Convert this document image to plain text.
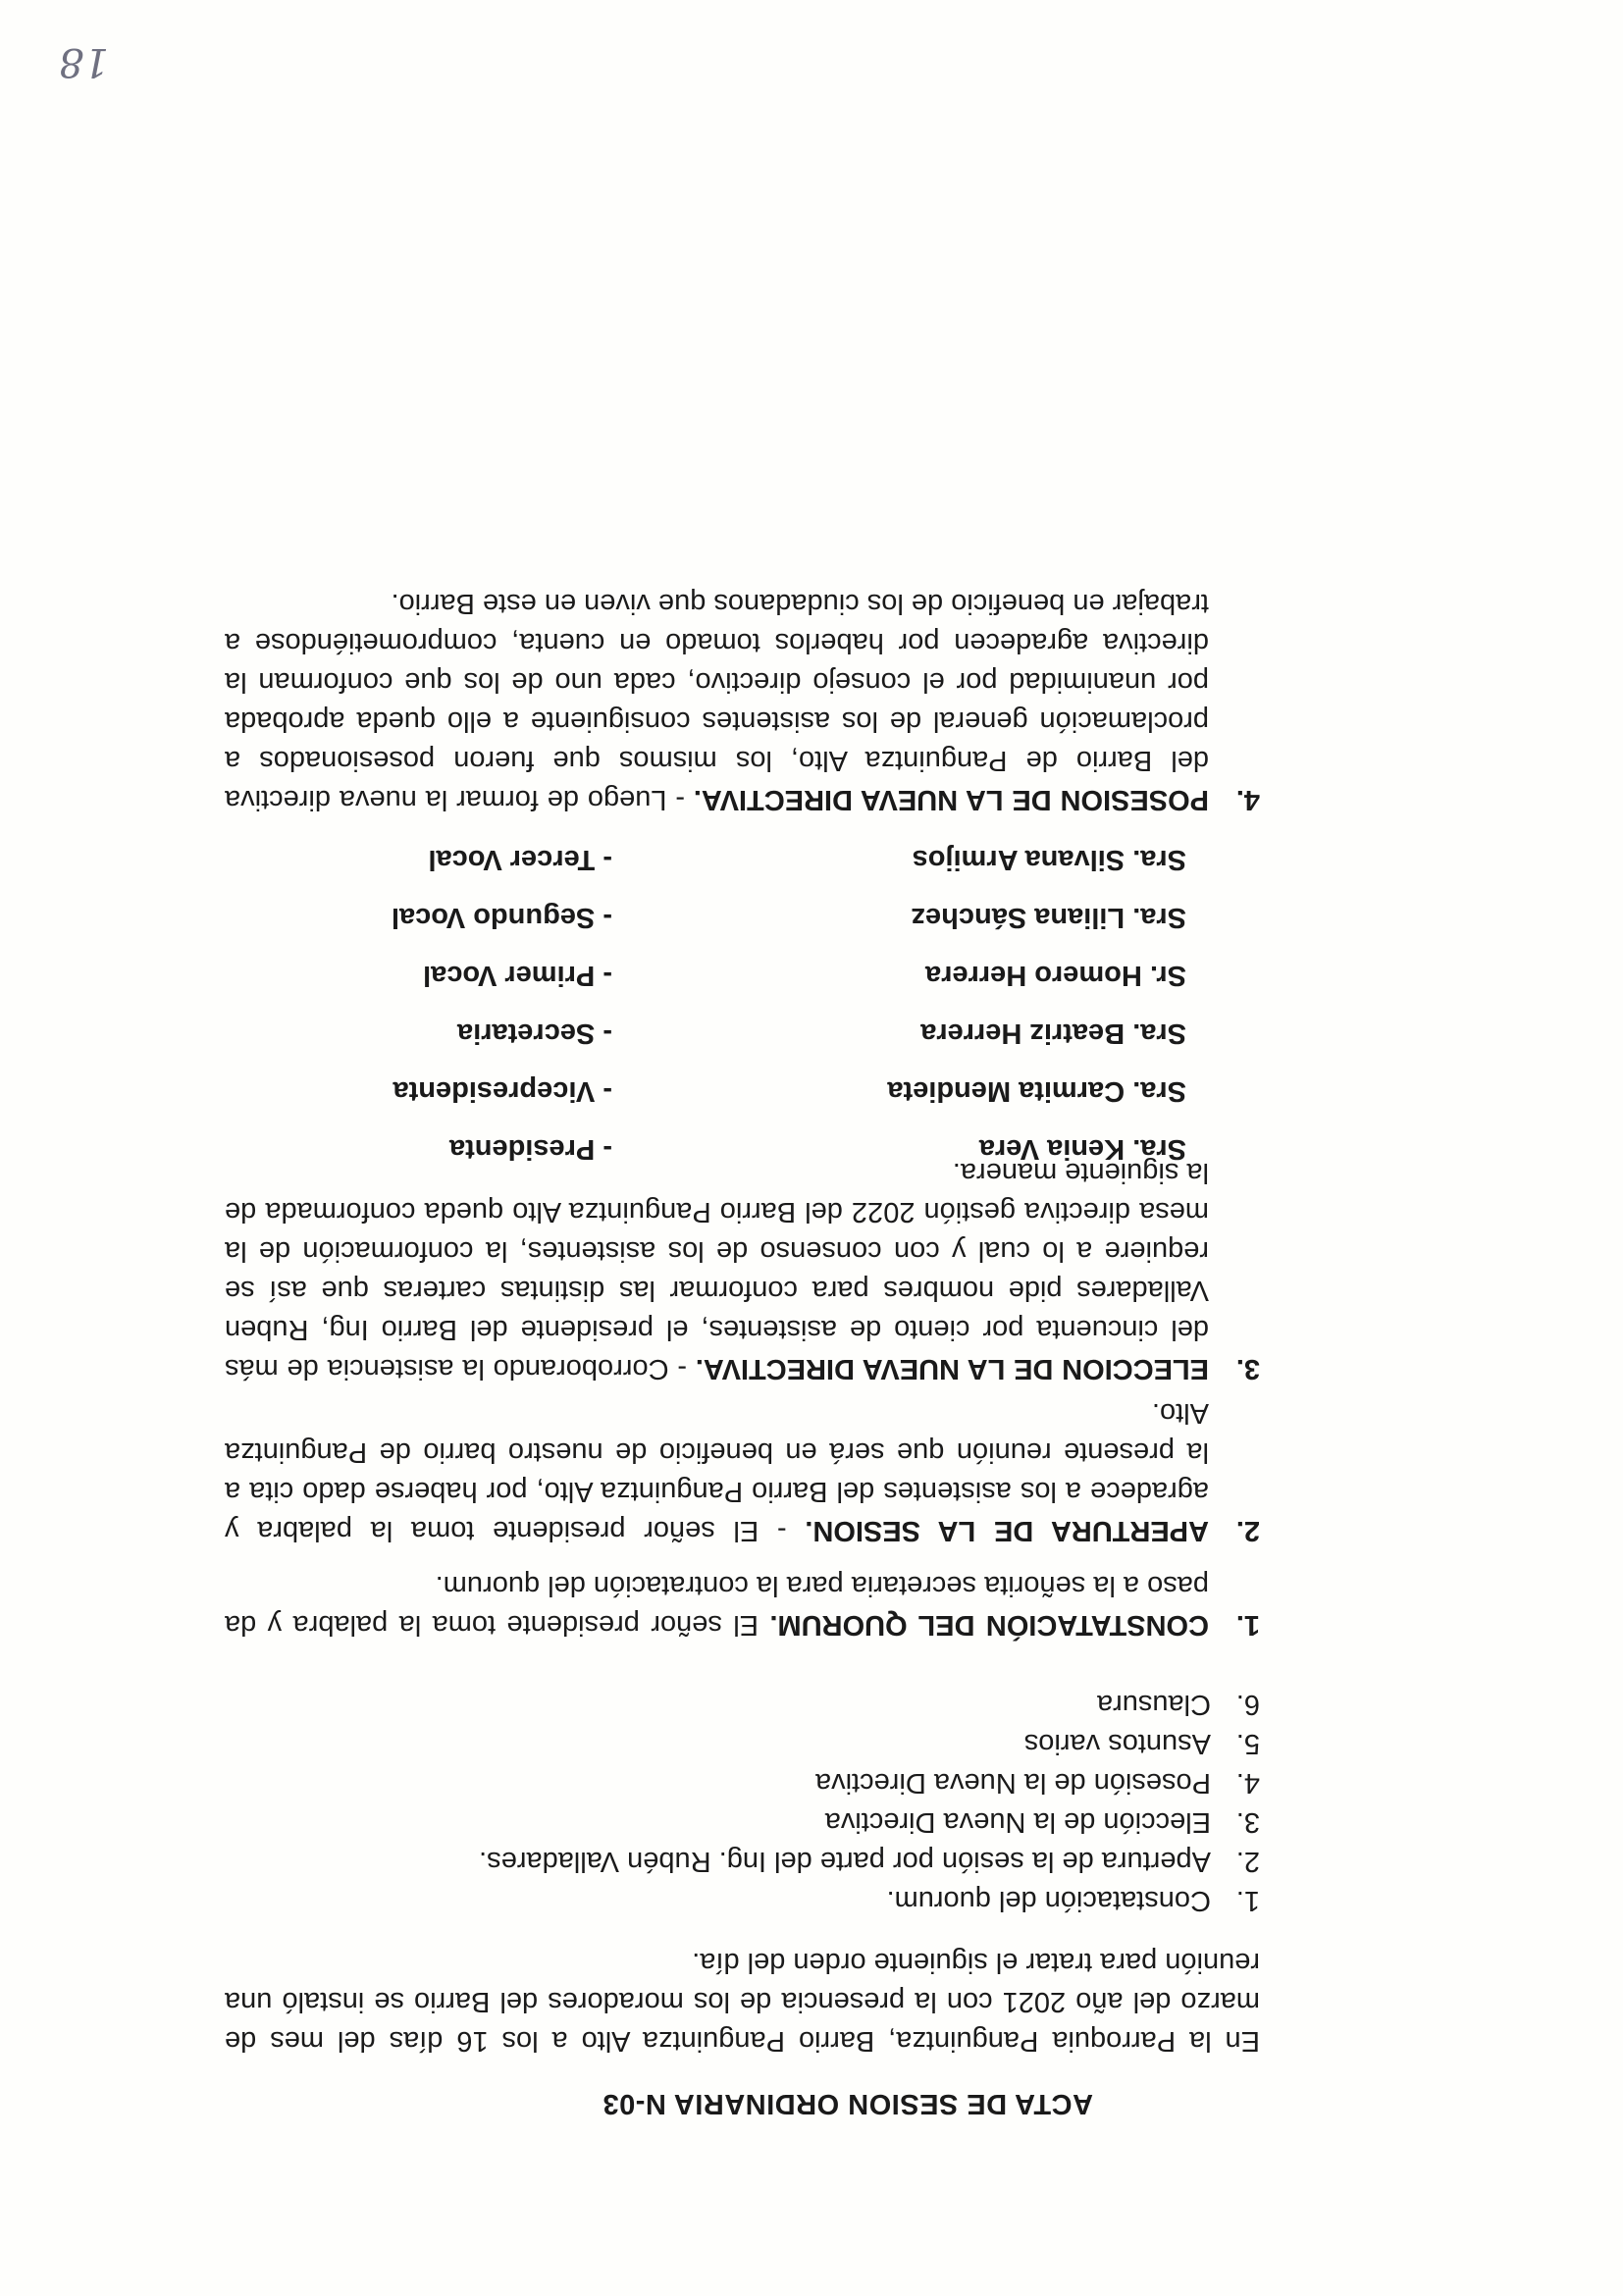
ACTA DE SESION ORDINARIA N-03
En la Parroquia Panguintza, Barrio Panguintza Alto a los 16 días del mes de marzo del año 2021 con la presencia de los moradores del Barrio se instaló una reunión para tratar el siguiente orden del día.
1.
Constatación del quorum.
2.
Apertura de la sesión por parte del Ing. Rubén Valladares.
3.
Elección de la Nueva Directiva
4.
Posesión de la Nueva Directiva
5.
Asuntos varios
6.
Clausura
1.
CONSTATACIÓN DEL QUORUM. El señor presidente toma la palabra y da paso a la señorita secretaria para la contratación del quorum.
2.
APERTURA DE LA SESION. - El señor presidente toma la palabra y agradece a los asistentes del Barrio Panguintza Alto, por haberse dado cita a la presente reunión que será en beneficio de nuestro barrio de Panguintza Alto.
3.
ELECCION DE LA NUEVA DIRECTIVA. - Corroborando la asistencia de más del cincuenta por ciento de asistentes, el presidente del Barrio Ing, Ruben Valladares pide nombres para conformar las distintas carteras que así se requiere a lo cual y con consenso de los asistentes, la conformación de la mesa directiva gestión 2022 del Barrio Panguintza Alto queda conformada de la siguiente manera.
Sra. Kenia Vera
- Presidenta
Sra. Carmita Mendieta
- Vicepresidenta
Sra. Beatriz Herrera
- Secretaria
Sr. Homero Herrera
- Primer Vocal
Sra. Liliana Sánchez
- Segundo Vocal
Sra. Silvana Armijos
- Tercer Vocal
4.
POSESION DE LA NUEVA DIRECTIVA. - Luego de formar la nueva directiva del Barrio de Panguintza Alto, los mismos que fueron posesionados a proclamación general de los asistentes consiguiente a ello queda aprobada por unanimidad por el consejo directivo, cada uno de los que conforman la directiva agradecen por haberlos tomado en cuenta, comprometiéndose a trabajar en beneficio de los ciudadanos que viven en este Barrio.
18
